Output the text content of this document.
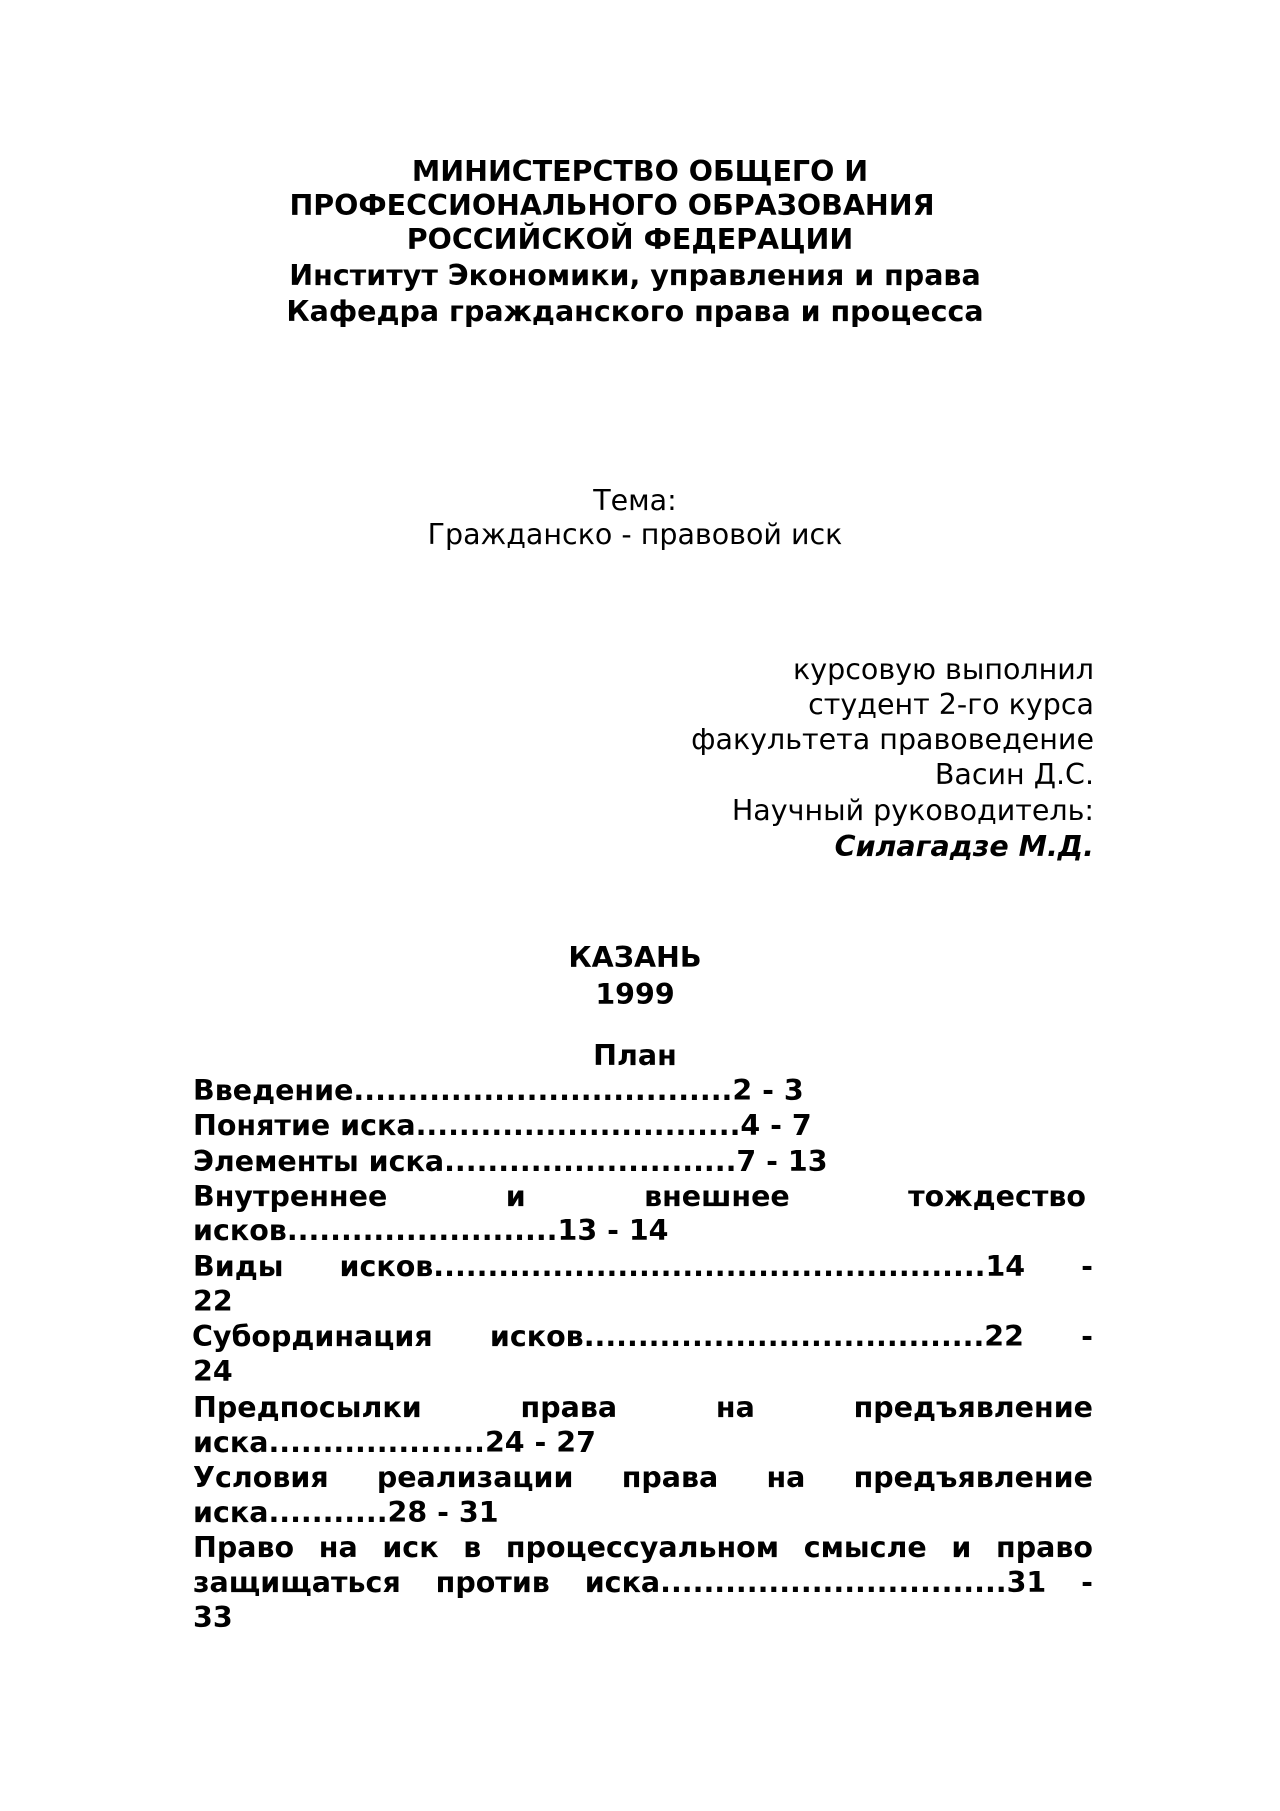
МИНИСТЕРСТВО ОБЩЕГО И
ПРОФЕССИОНАЛЬНОГО ОБРАЗОВАНИЯ
РОССИЙСКОЙ ФЕДЕРАЦИИ
Институт Экономики, управления и права
Кафедра гражданского права и процесса
Тема:
Гражданско - правовой иск
курсовую выполнил
студент 2-го курса
факультета правоведение
Васин Д.С.
Научный руководитель:
Силагадзе М.Д.
КАЗАНЬ
1999
План
Введение...................................2 - 3
Понятие иска..............................4 - 7
Элементы иска...........................7 - 13
Внутреннее	и	внешнее	тождество
исков.........................13 - 14
Виды исков...................................................14 -
22
Субординация исков.....................................22 -
24
Предпосылки	права	на	предъявление
иска....................24 - 27
Условия реализации права на предъявление
иска...........28 - 31
Право на иск в процессуальном смысле и право
защищаться против иска................................31 -
33
